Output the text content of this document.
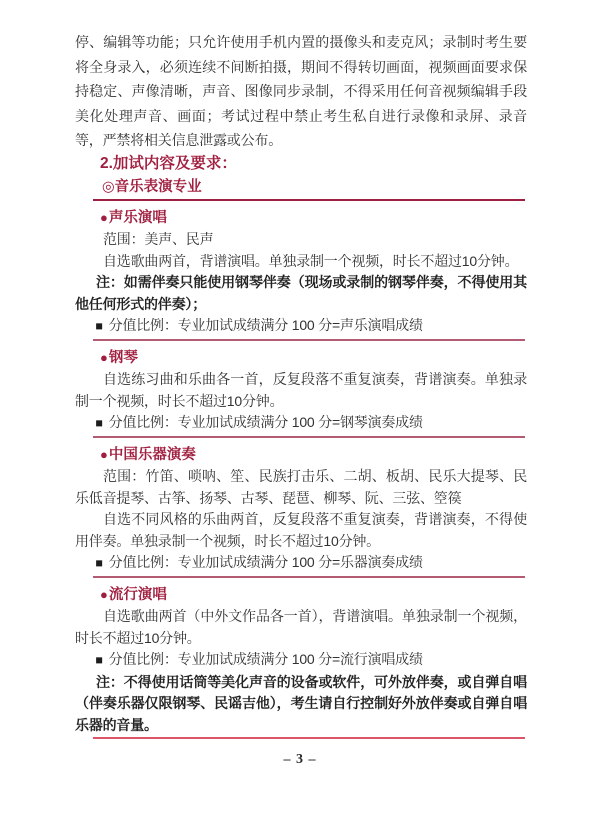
停、编辑等功能；只允许使用手机内置的摄像头和麦克风；录制时考生要将全身录入，必须连续不间断拍摄，期间不得转切画面，视频画面要求保持稳定、声像清晰，声音、图像同步录制，不得采用任何音视频编辑手段美化处理声音、画面；考试过程中禁止考生私自进行录像和录屏、录音等，严禁将相关信息泄露或公布。

2.加试内容及要求：
◎音乐表演专业
●声乐演唱

范围：美声、民声

自选歌曲两首，背谱演唱。单独录制一个视频，时长不超过10分钟。

注：如需伴奏只能使用钢琴伴奏（现场或录制的钢琴伴奏，不得使用其他任何形式的伴奏）；

■ 分值比例：专业加试成绩满分 100 分=声乐演唱成绩

●钢琴

自选练习曲和乐曲各一首，反复段落不重复演奏，背谱演奏。单独录制一个视频，时长不超过10分钟。

■ 分值比例：专业加试成绩满分 100 分=钢琴演奏成绩

●中国乐器演奏

范围：竹笛、唢呐、笙、民族打击乐、二胡、板胡、民乐大提琴、民乐低音提琴、古筝、扬琴、古琴、琵琶、柳琴、阮、三弦、箜篌

自选不同风格的乐曲两首，反复段落不重复演奏，背谱演奏，不得使用伴奏。单独录制一个视频，时长不超过10分钟。

■ 分值比例：专业加试成绩满分 100 分=乐器演奏成绩

●流行演唱

自选歌曲两首（中外文作品各一首），背谱演唱。单独录制一个视频，时长不超过10分钟。

■ 分值比例：专业加试成绩满分 100 分=流行演唱成绩

注：不得使用话筒等美化声音的设备或软件，可外放伴奏，或自弹自唱（伴奏乐器仅限钢琴、民谣吉他），考生请自行控制好外放伴奏或自弹自唱乐器的音量。

– 3 –
